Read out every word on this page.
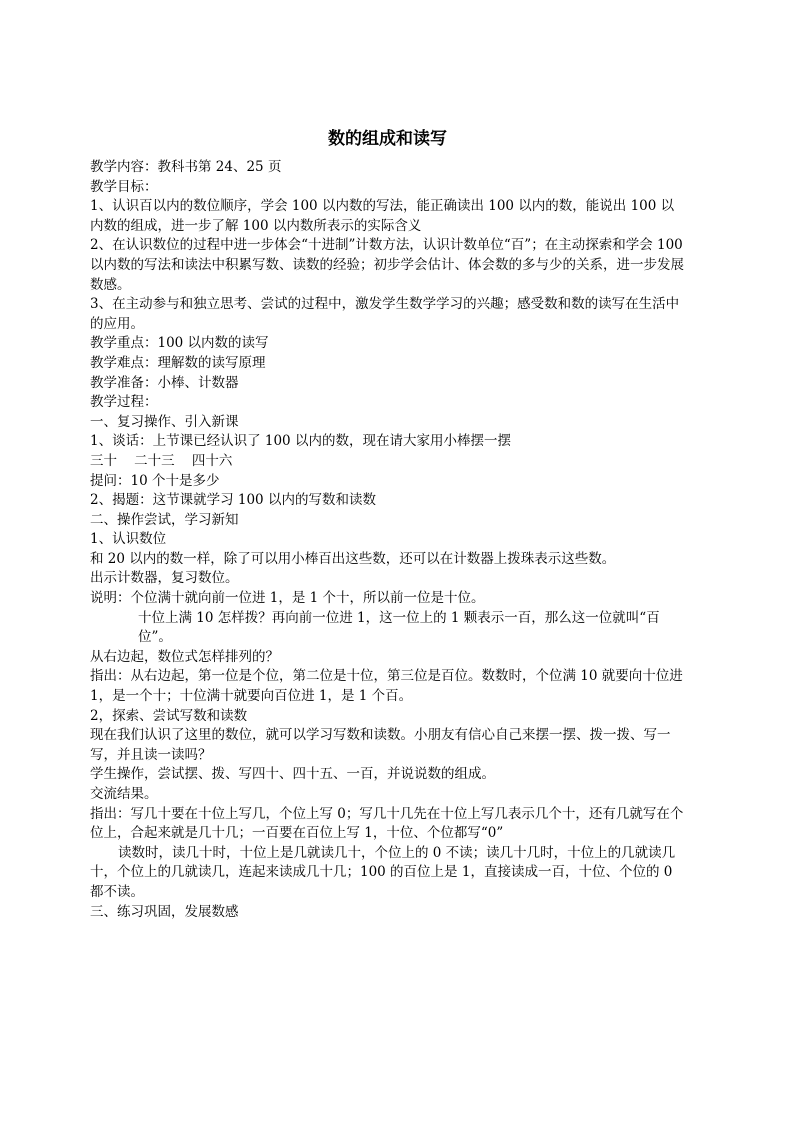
数的组成和读写

教学内容：教科书第 24、25 页

教学目标：

1、认识百以内的数位顺序，学会 100 以内数的写法，能正确读出 100 以内的数，能说出 100 以内数的组成，进一步了解 100 以内数所表示的实际含义

2、在认识数位的过程中进一步体会“十进制”计数方法，认识计数单位“百”；在主动探索和学会 100 以内数的写法和读法中积累写数、读数的经验；初步学会估计、体会数的多与少的关系，进一步发展数感。

3、在主动参与和独立思考、尝试的过程中，激发学生数学学习的兴趣；感受数和数的读写在生活中的应用。

教学重点：100 以内数的读写

教学难点：理解数的读写原理

教学准备：小棒、计数器

教学过程：

一、复习操作、引入新课

1、谈话：上节课已经认识了 100 以内的数，现在请大家用小棒摆一摆

三十    二十三    四十六

提问：10 个十是多少

2、揭题：这节课就学习 100 以内的写数和读数

二、操作尝试，学习新知

1、认识数位

和 20 以内的数一样，除了可以用小棒百出这些数，还可以在计数器上拨珠表示这些数。

出示计数器，复习数位。

说明：个位满十就向前一位进 1，是 1 个十，所以前一位是十位。

十位上满 10 怎样拨？再向前一位进 1，这一位上的 1 颗表示一百，那么这一位就叫“百位”。

从右边起，数位式怎样排列的？

指出：从右边起，第一位是个位，第二位是十位，第三位是百位。数数时，个位满 10 就要向十位进 1，是一个十；十位满十就要向百位进 1，是 1 个百。

2，探索、尝试写数和读数

现在我们认识了这里的数位，就可以学习写数和读数。小朋友有信心自己来摆一摆、拨一拨、写一写，并且读一读吗？

学生操作，尝试摆、拨、写四十、四十五、一百，并说说数的组成。

交流结果。

指出：写几十要在十位上写几，个位上写 0；写几十几先在十位上写几表示几个十，还有几就写在个位上，合起来就是几十几；一百要在百位上写 1，十位、个位都写“0”

读数时，读几十时，十位上是几就读几十，个位上的 0 不读；读几十几时，十位上的几就读几十，个位上的几就读几，连起来读成几十几；100 的百位上是 1，直接读成一百，十位、个位的 0 都不读。

三、练习巩固，发展数感
